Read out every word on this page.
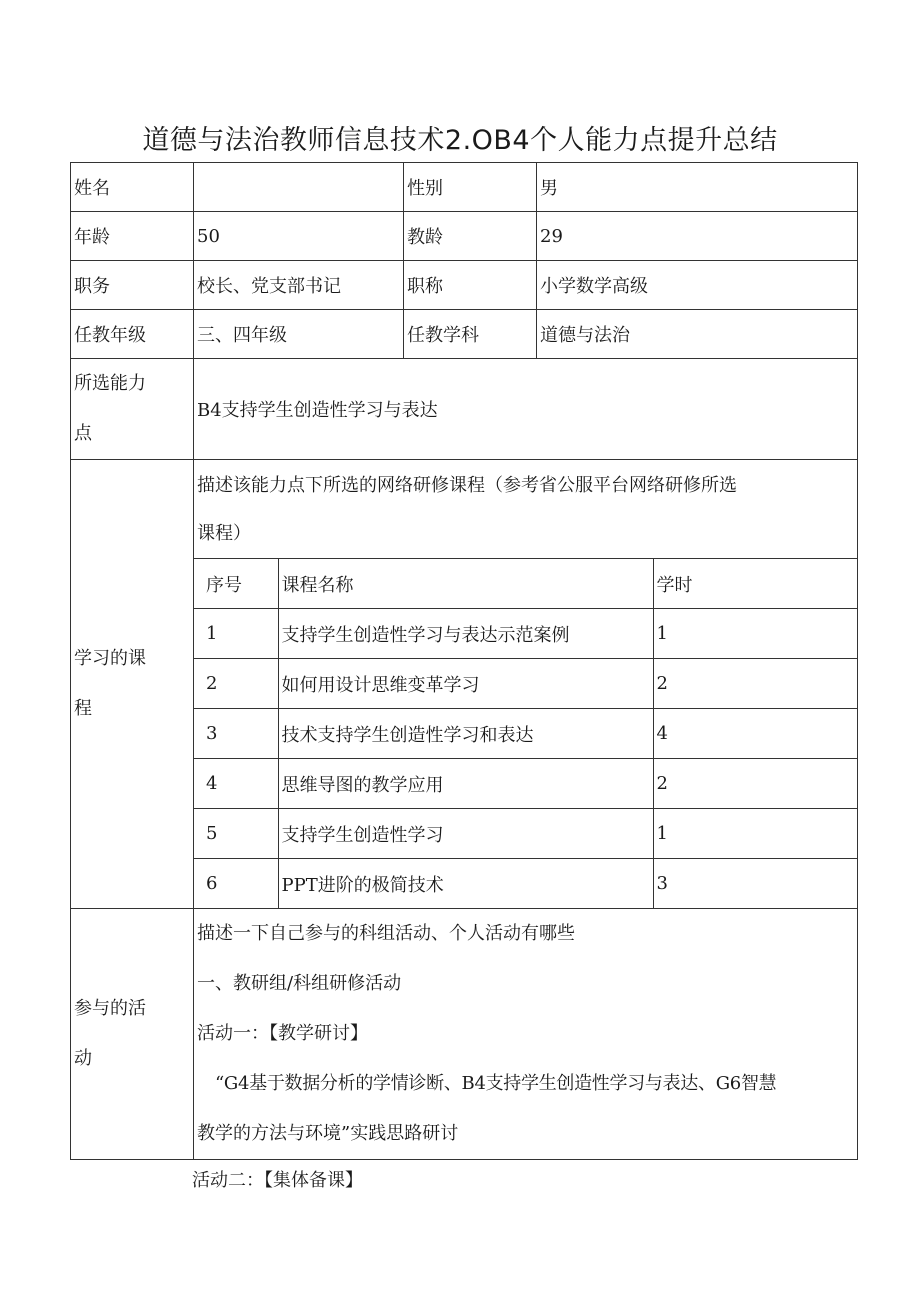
道德与法治教师信息技术2.OB4个人能力点提升总结
姓名		性别	男
年龄	50	教龄	29
职务	校长、党支部书记	职称	小学数学高级
任教年级	三、四年级	任教学科	道德与法治

所选能力
点
	B4支持学生创造性学习与表达

学习的课
程

描述该能力点下所选的网络研修课程（参考省公服平台网络研修所选
课程）
序号	课程名称	学时
1	支持学生创造性学习与表达示范案例	1
2	如何用设计思维变革学习	2
3	技术支持学生创造性学习和表达	4
4	思维导图的教学应用	2
5	支持学生创造性学习	1
6	PPT进阶的极简技术	3

参与的活
动

描述一下自己参与的科组活动、个人活动有哪些

一、教研组/科组研修活动

活动一：【教学研讨】

“G4基于数据分析的学情诊断、B4支持学生创造性学习与表达、G6智慧

教学的方法与环境”实践思路研讨

活动二：【集体备课】
